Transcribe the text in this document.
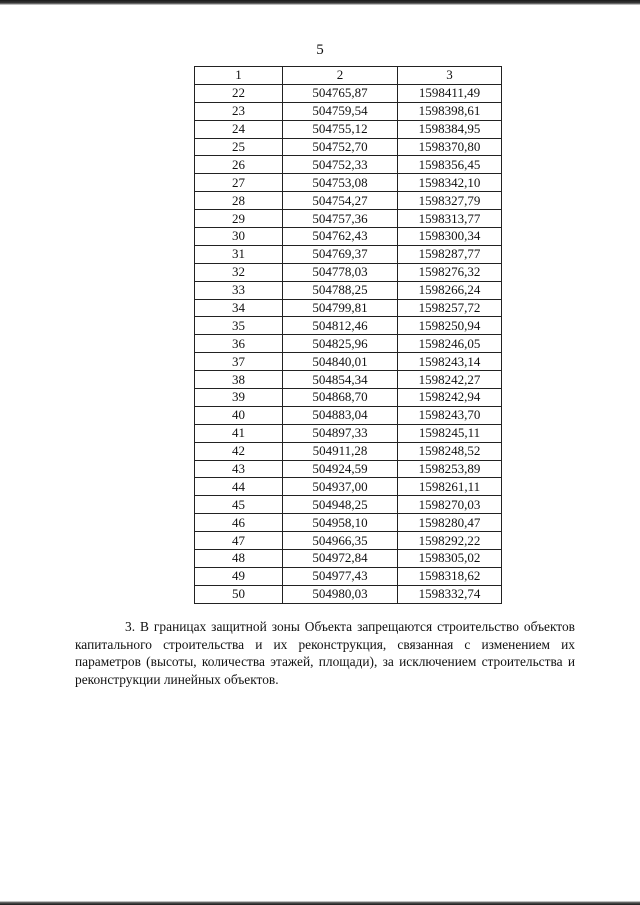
5
1	2	3
22	504765,87	1598411,49
23	504759,54	1598398,61
24	504755,12	1598384,95
25	504752,70	1598370,80
26	504752,33	1598356,45
27	504753,08	1598342,10
28	504754,27	1598327,79
29	504757,36	1598313,77
30	504762,43	1598300,34
31	504769,37	1598287,77
32	504778,03	1598276,32
33	504788,25	1598266,24
34	504799,81	1598257,72
35	504812,46	1598250,94
36	504825,96	1598246,05
37	504840,01	1598243,14
38	504854,34	1598242,27
39	504868,70	1598242,94
40	504883,04	1598243,70
41	504897,33	1598245,11
42	504911,28	1598248,52
43	504924,59	1598253,89
44	504937,00	1598261,11
45	504948,25	1598270,03
46	504958,10	1598280,47
47	504966,35	1598292,22
48	504972,84	1598305,02
49	504977,43	1598318,62
50	504980,03	1598332,74

3. В границах защитной зоны Объекта запрещаются строительство объектов капитального строительства и их реконструкция, связанная с изменением их параметров (высоты, количества этажей, площади), за исключением строительства и реконструкции линейных объектов.
